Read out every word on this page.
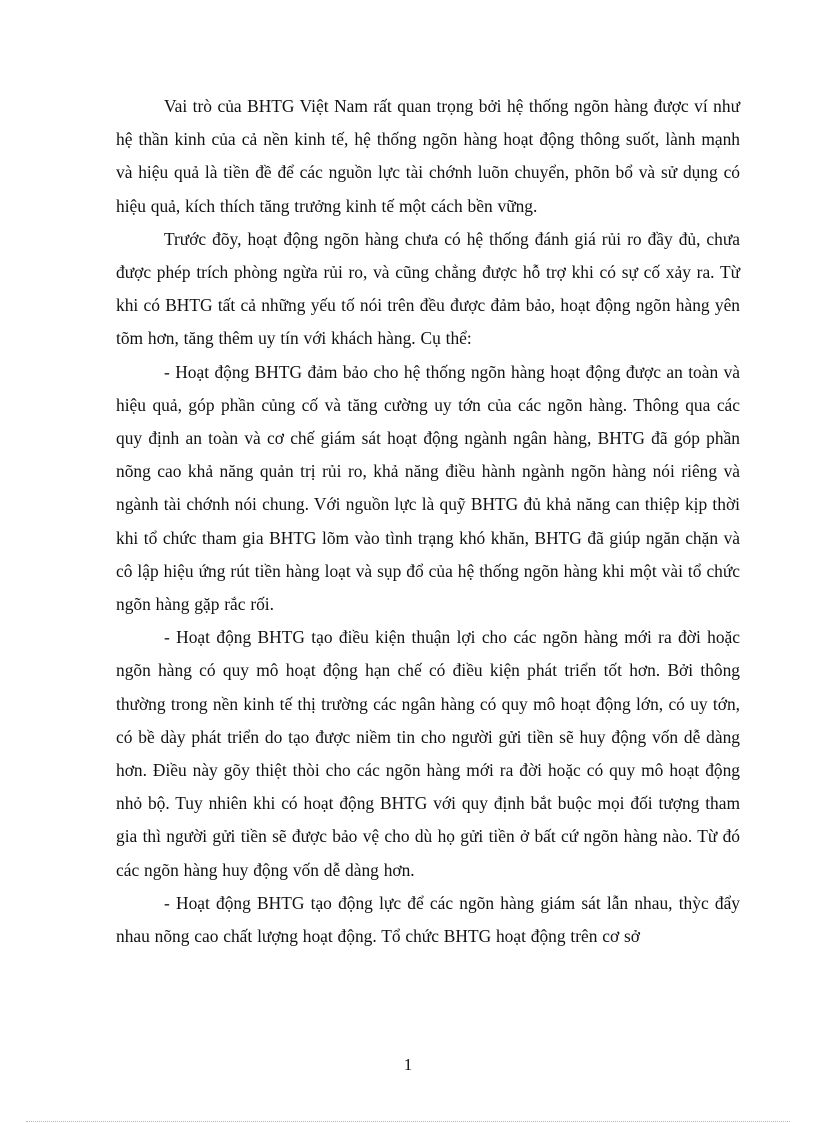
Vai trò của BHTG Việt Nam rất quan trọng bởi hệ thống ngõn hàng được ví như hệ thần kinh của cả nền kinh tế, hệ thống ngõn hàng hoạt động thông suốt, lành mạnh và hiệu quả là tiền đề để các nguồn lực tài chớnh luõn chuyển, phõn bổ và sử dụng có hiệu quả, kích thích tăng trưởng kinh tế một cách bền vững.

Trước đõy, hoạt động ngõn hàng chưa có hệ thống đánh giá rủi ro đầy đủ, chưa được phép trích phòng ngừa rủi ro, và cũng chẳng được hỗ trợ khi có sự cố xảy ra. Từ khi có BHTG tất cả những yếu tố nói trên đều được đảm bảo, hoạt động ngõn hàng yên tõm hơn, tăng thêm uy tín với khách hàng. Cụ thể:

- Hoạt động BHTG đảm bảo cho hệ thống ngõn hàng hoạt động được an toàn và hiệu quả, góp phần củng cố và tăng cường uy tớn của các ngõn hàng. Thông qua các quy định an toàn và cơ chế giám sát hoạt động ngành ngân hàng, BHTG đã góp phần nõng cao khả năng quản trị rủi ro, khả năng điều hành ngành ngõn hàng nói riêng và ngành tài chớnh nói chung. Với nguồn lực là quỹ BHTG đủ khả năng can thiệp kịp thời khi tổ chức tham gia BHTG lõm vào tình trạng khó khăn, BHTG đã giúp ngăn chặn và cô lập hiệu ứng rút tiền hàng loạt và sụp đổ của hệ thống ngõn hàng khi một vài tổ chức ngõn hàng gặp rắc rối.

- Hoạt động BHTG tạo điều kiện thuận lợi cho các ngõn hàng mới ra đời hoặc ngõn hàng có quy mô hoạt động hạn chế có điều kiện phát triển tốt hơn. Bởi thông thường trong nền kinh tế thị trường các ngân hàng có quy mô hoạt động lớn, có uy tớn, có bề dày phát triển do tạo được niềm tin cho người gửi tiền sẽ huy động vốn dễ dàng hơn. Điều này gõy thiệt thòi cho các ngõn hàng mới ra đời hoặc có quy mô hoạt động nhỏ bộ. Tuy nhiên khi có hoạt động BHTG với quy định bắt buộc mọi đối tượng tham gia thì người gửi tiền sẽ được bảo vệ cho dù họ gửi tiền ở bất cứ ngõn hàng nào. Từ đó các ngõn hàng huy động vốn dễ dàng hơn.

- Hoạt động BHTG tạo động lực để các ngõn hàng giám sát lẫn nhau, thỳc đẩy nhau nõng cao chất lượng hoạt động. Tổ chức BHTG hoạt động trên cơ sở

1
